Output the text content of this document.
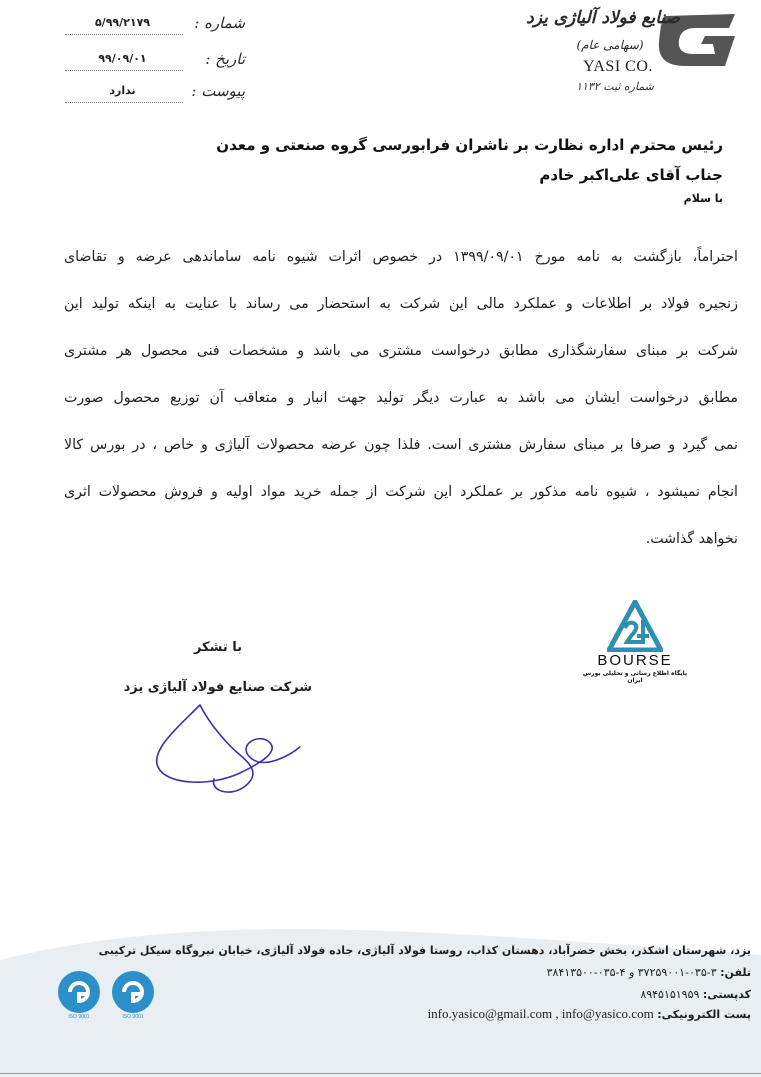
صنایع فولاد آلیاژی یزد
(سهامی عام)
YASI CO.
شماره ثبت ۱۱۳۲
شماره :
۵/۹۹/۲۱۷۹
تاریخ :
۹۹/۰۹/۰۱
پیوست :
ندارد
رئیس محترم اداره نظارت بر ناشران فرابورسی گروه صنعتی و معدن
جناب آقای علی‌اکبر خادم
با سلام
احتراماً، بازگشت به نامه مورخ ۱۳۹۹/۰۹/۰۱ در خصوص اثرات شیوه نامه ساماندهی عرضه و تقاضای
زنجیره فولاد بر اطلاعات و عملکرد مالی این شرکت به استحضار می رساند با عنایت به اینکه تولید این
شرکت بر مبنای سفارشگذاری مطابق درخواست مشتری می باشد و مشخصات فنی محصول هر مشتری
مطابق درخواست ایشان می باشد به عبارت دیگر تولید جهت انبار و متعاقب آن توزیع محصول صورت
نمی گیرد و صرفا بر مبنای سفارش مشتری است. فلذا چون عرضه محصولات آلیاژی و خاص ، در بورس کالا
انجام نمیشود ، شیوه نامه مذکور بر عملکرد این شرکت از جمله خرید مواد اولیه و فروش محصولات اثری
نخواهد گذاشت.
BOURSE
پایگاه اطلاع رسانی و تحلیلی بورس ایران
با تشکر
شرکت صنایع فولاد آلیاژی یزد
یزد، شهرستان اشکذر، بخش خضرآباد، دهستان کذاب، روستا فولاد آلیاژی، جاده فولاد آلیاژی، خیابان نیروگاه سیکل ترکیبی
تلفن: ۳-۰۳۵-۳۷۲۵۹۰۰۱ و ۴-۰۳۵-۳۸۴۱۳۵۰۰
کدپستی: ۸۹۴۵۱۵۱۹۵۹
پست الکترونیکی: info.yasico@gmail.com , info@yasico.com
ISO 9001
ISO 9001
